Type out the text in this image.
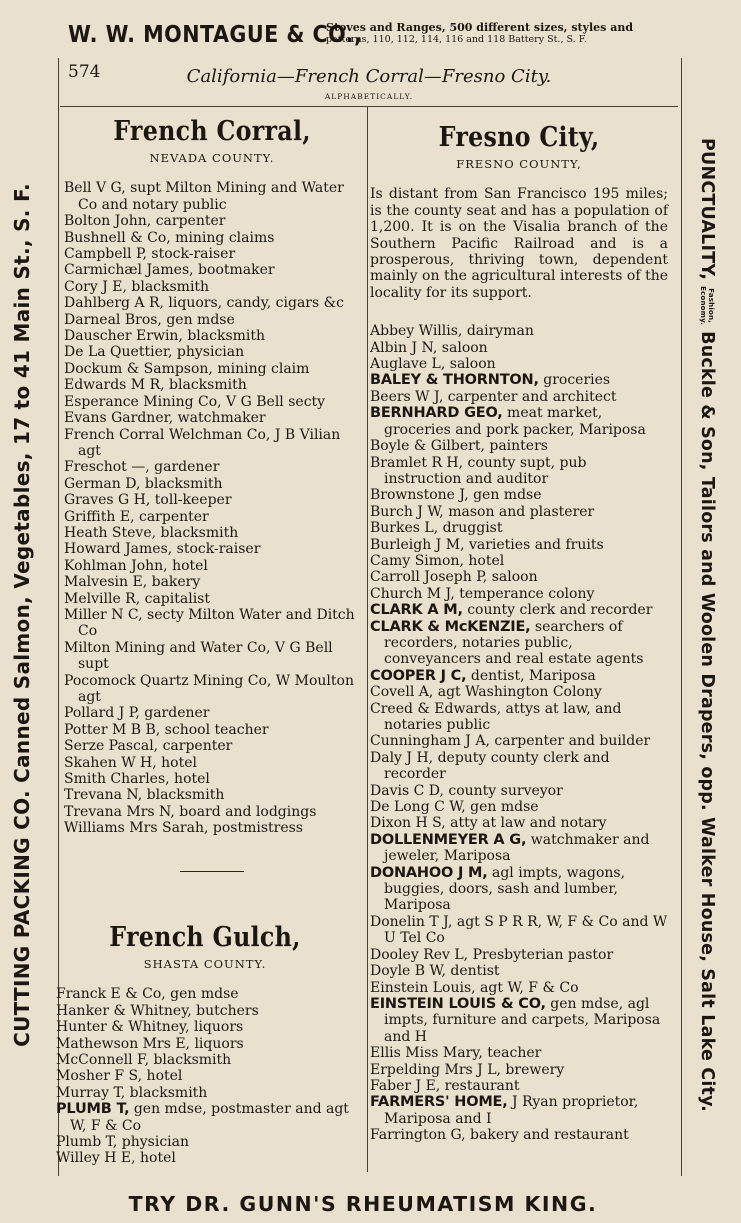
W. W. MONTAGUE & CO.,
Stoves and Ranges, 500 different sizes, styles and
patterns, 110, 112, 114, 116 and 118 Battery St., S. F.
CUTTING PACKING CO. Canned Salmon, Vegetables, 17 to 41 Main St., S. F.	PUNCTUALITY,
Fashion,
Economy.
Buckle & Son, Tailors and Woolen Drapers, opp. Walker House, Salt Lake City.
TRY DR. GUNN'S RHEUMATISM KING.
574	California—French Corral—Fresno City.
ALPHABETICALLY.
French Corral,
NEVADA COUNTY.
Bell V G, supt Milton Mining and Water Co and notary public
Bolton John, carpenter
Bushnell & Co, mining claims
Campbell P, stock-raiser
Carmichæl James, bootmaker
Cory J E, blacksmith
Dahlberg A R, liquors, candy, cigars &c
Darneal Bros, gen mdse
Dauscher Erwin, blacksmith
De La Quettier, physician
Dockum & Sampson, mining claim
Edwards M R, blacksmith
Esperance Mining Co, V G Bell secty
Evans Gardner, watchmaker
French Corral Welchman Co, J B Vilian agt
Freschot —, gardener
German D, blacksmith
Graves G H, toll-keeper
Griffith E, carpenter
Heath Steve, blacksmith
Howard James, stock-raiser
Kohlman John, hotel
Malvesin E, bakery
Melville R, capitalist
Miller N C, secty Milton Water and Ditch Co
Milton Mining and Water Co, V G Bell supt
Pocomock Quartz Mining Co, W Moulton agt
Pollard J P, gardener
Potter M B B, school teacher
Serze Pascal, carpenter
Skahen W H, hotel
Smith Charles, hotel
Trevana N, blacksmith
Trevana Mrs N, board and lodgings
Williams Mrs Sarah, postmistress
French Gulch,
SHASTA COUNTY.
Franck E & Co, gen mdse
Hanker & Whitney, butchers
Hunter & Whitney, liquors
Mathewson Mrs E, liquors
McConnell F, blacksmith
Mosher F S, hotel
Murray T, blacksmith
PLUMB T, gen mdse, postmaster and agt W, F & Co
Plumb T, physician
Willey H E, hotel
Fresno City,
FRESNO COUNTY,
Is distant from San Francisco 195 miles; is the county seat and has a population of 1,200. It is on the Visalia branch of the Southern Pacific Railroad and is a prosperous, thriving town, dependent mainly on the agricultural interests of the locality for its support.
Abbey Willis, dairyman
Albin J N, saloon
Auglave L, saloon
BALEY & THORNTON, groceries
Beers W J, carpenter and architect
BERNHARD GEO, meat market, groceries and pork packer, Mariposa
Boyle & Gilbert, painters
Bramlet R H, county supt, pub instruction and auditor
Brownstone J, gen mdse
Burch J W, mason and plasterer
Burkes L, druggist
Burleigh J M, varieties and fruits
Camy Simon, hotel
Carroll Joseph P, saloon
Church M J, temperance colony
CLARK A M, county clerk and recorder
CLARK & McKENZIE, searchers of recorders, notaries public, conveyancers and real estate agents
COOPER J C, dentist, Mariposa
Covell A, agt Washington Colony
Creed & Edwards, attys at law, and notaries public
Cunningham J A, carpenter and builder
Daly J H, deputy county clerk and recorder
Davis C D, county surveyor
De Long C W, gen mdse
Dixon H S, atty at law and notary
DOLLENMEYER A G, watchmaker and jeweler, Mariposa
DONAHOO J M, agl impts, wagons, buggies, doors, sash and lumber, Mariposa
Donelin T J, agt S P R R, W, F & Co and W U Tel Co
Dooley Rev L, Presbyterian pastor
Doyle B W, dentist
Einstein Louis, agt W, F & Co
EINSTEIN LOUIS & CO, gen mdse, agl impts, furniture and carpets, Mariposa and H
Ellis Miss Mary, teacher
Erpelding Mrs J L, brewery
Faber J E, restaurant
FARMERS' HOME, J Ryan proprietor, Mariposa and I
Farrington G, bakery and restaurant
